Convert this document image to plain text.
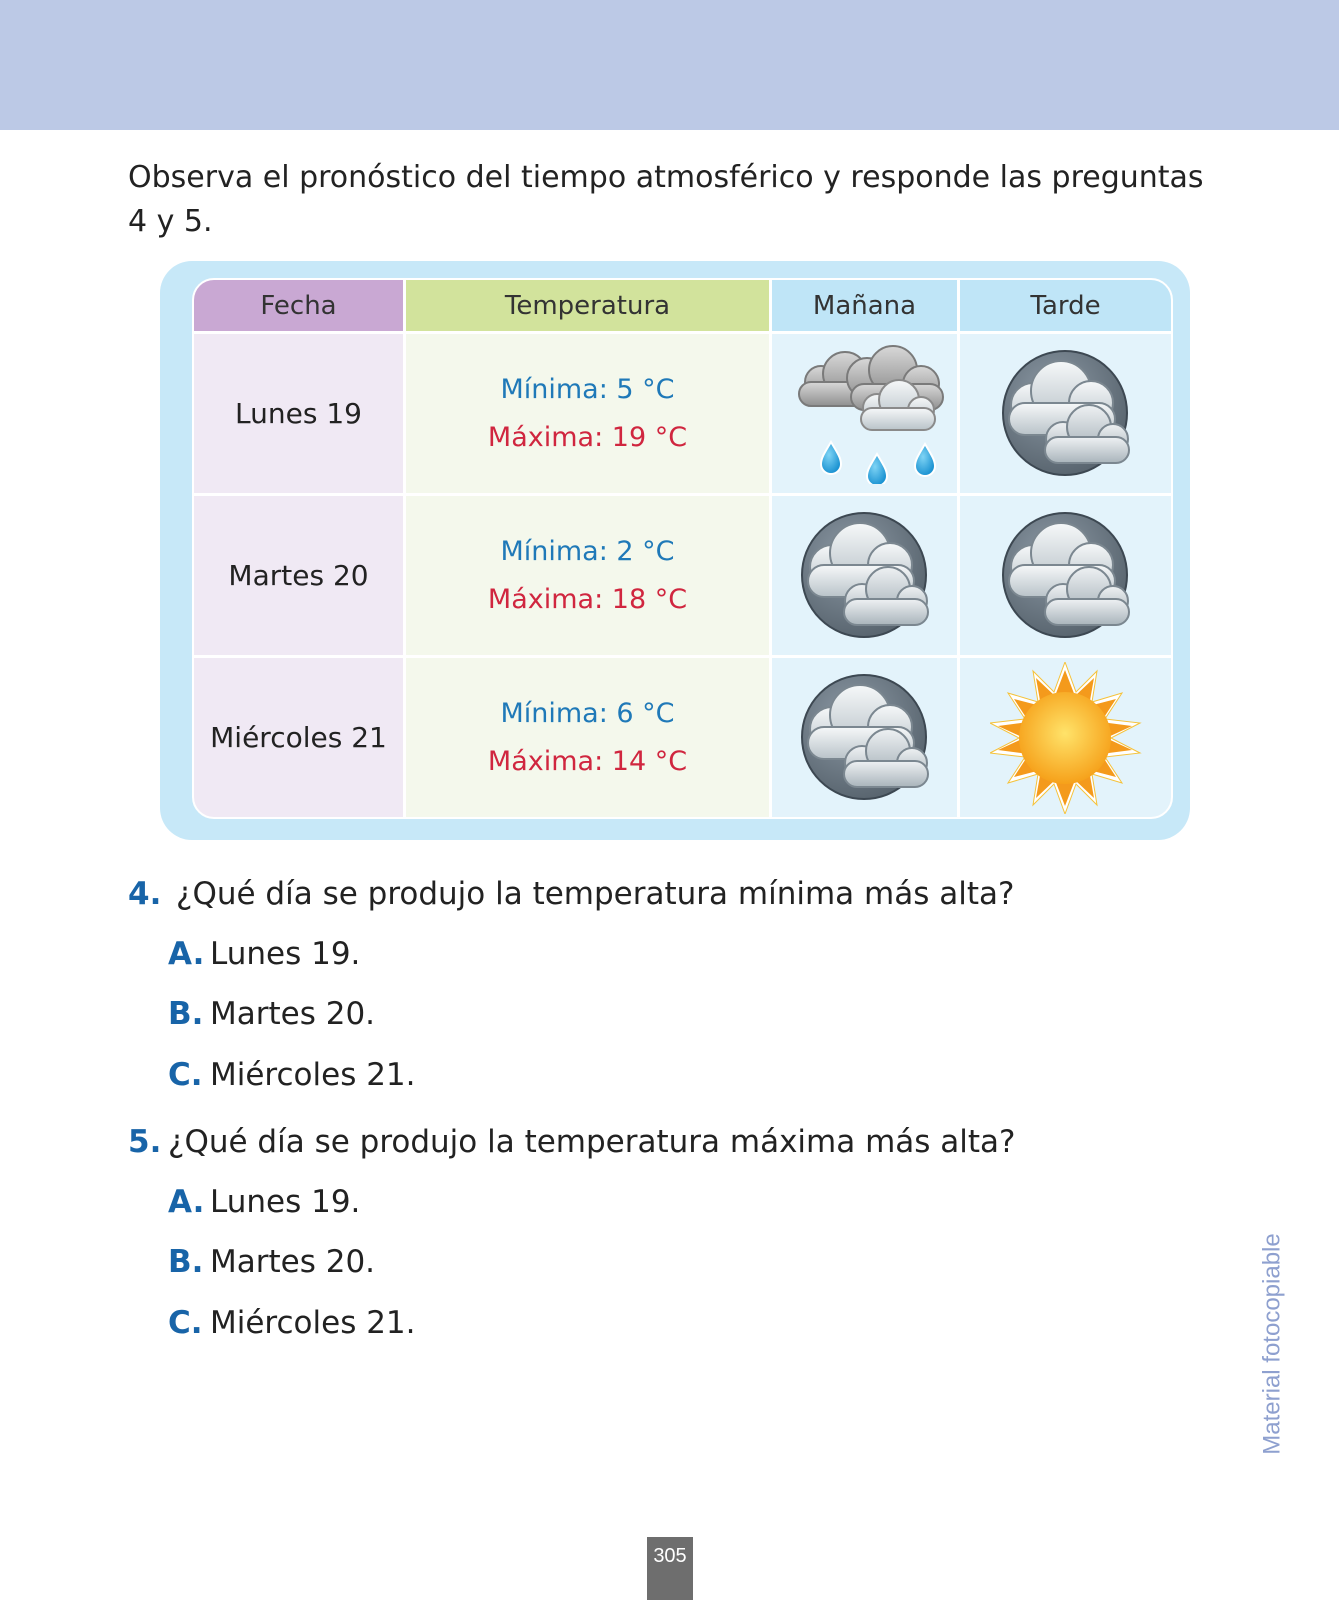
Observa el pronóstico del tiempo atmosférico y responde las preguntas 4 y 5.
Fecha	Temperatura	Mañana	Tarde
Lunes 19	Mínima: 5 °C
Máxima: 19 °C

Martes 20	Mínima: 2 °C
Máxima: 18 °C

Miércoles 21	Mínima: 6 °C
Máxima: 14 °C

4. ¿Qué día se produjo la temperatura mínima más alta?
A. Lunes 19.
B. Martes 20.
C. Miércoles 21.
5. ¿Qué día se produjo la temperatura máxima más alta?
A. Lunes 19.
B. Martes 20.
C. Miércoles 21.	Material fotocopiable
305
